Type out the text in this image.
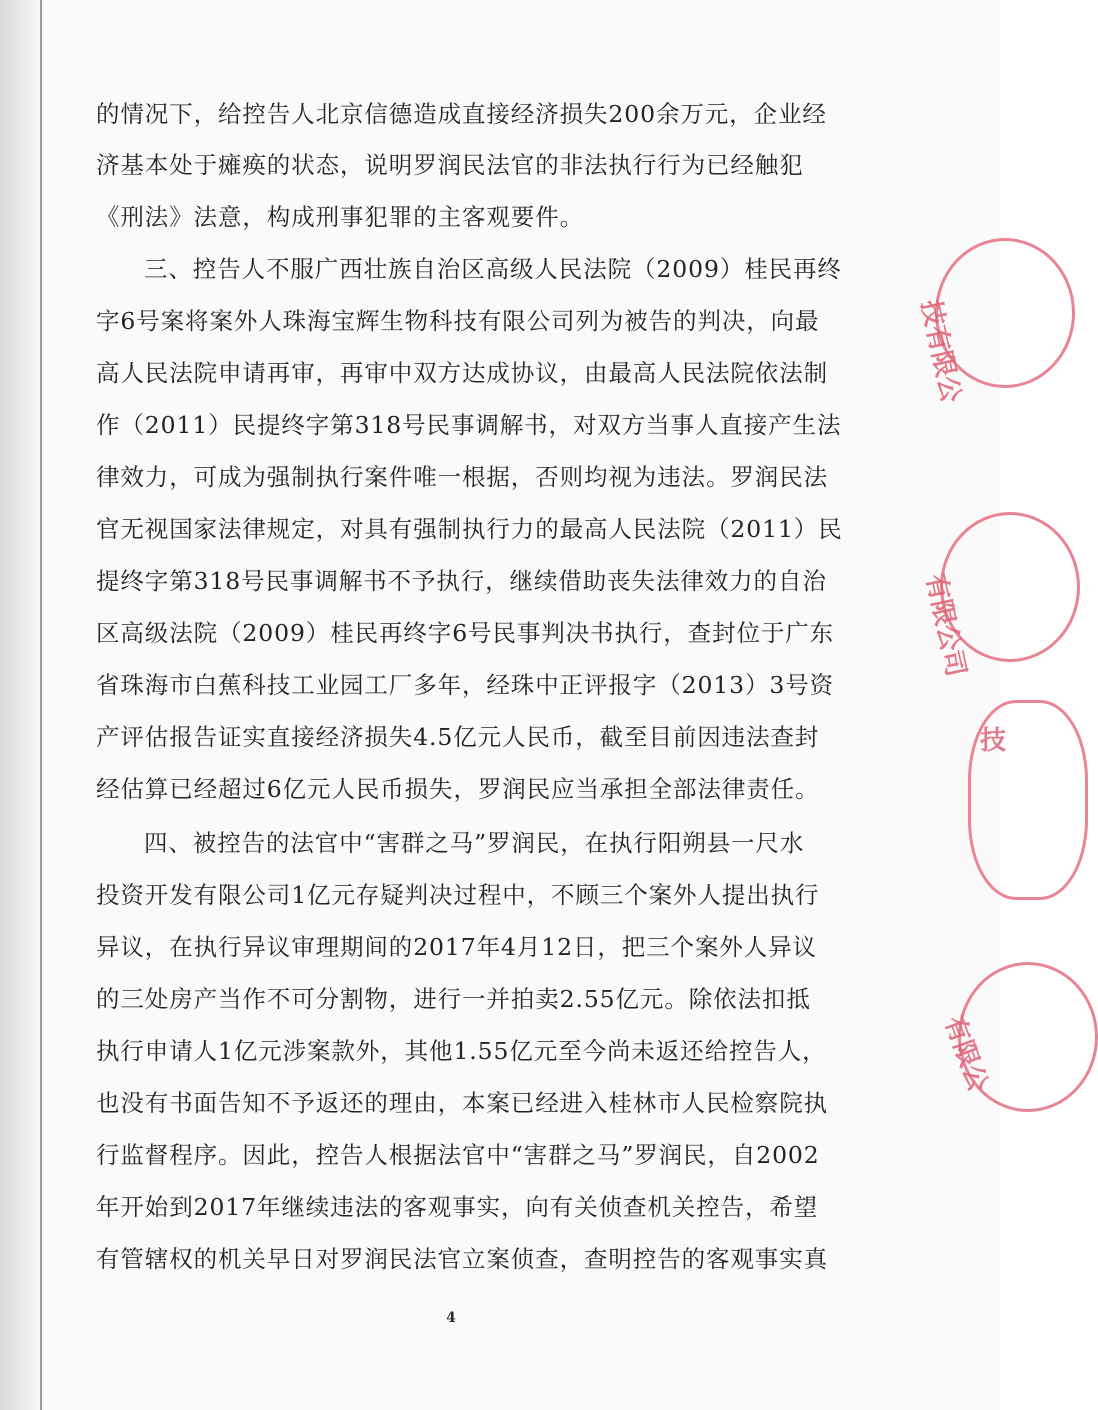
的情况下，给控告人北京信德造成直接经济损失200余万元，企业经
济基本处于瘫痪的状态，说明罗润民法官的非法执行行为已经触犯
《刑法》法意，构成刑事犯罪的主客观要件。
三、控告人不服广西壮族自治区高级人民法院（2009）桂民再终
字6号案将案外人珠海宝辉生物科技有限公司列为被告的判决，向最
高人民法院申请再审，再审中双方达成协议，由最高人民法院依法制
作（2011）民提终字第318号民事调解书，对双方当事人直接产生法
律效力，可成为强制执行案件唯一根据，否则均视为违法。罗润民法
官无视国家法律规定，对具有强制执行力的最高人民法院（2011）民
提终字第318号民事调解书不予执行，继续借助丧失法律效力的自治
区高级法院（2009）桂民再终字6号民事判决书执行，查封位于广东
省珠海市白蕉科技工业园工厂多年，经珠中正评报字（2013）3号资
产评估报告证实直接经济损失4.5亿元人民币，截至目前因违法查封
经估算已经超过6亿元人民币损失，罗润民应当承担全部法律责任。
四、被控告的法官中“害群之马”罗润民，在执行阳朔县一尺水
投资开发有限公司1亿元存疑判决过程中，不顾三个案外人提出执行
异议，在执行异议审理期间的2017年4月12日，把三个案外人异议
的三处房产当作不可分割物，进行一并拍卖2.55亿元。除依法扣抵
执行申请人1亿元涉案款外，其他1.55亿元至今尚未返还给控告人，
也没有书面告知不予返还的理由，本案已经进入桂林市人民检察院执
行监督程序。因此，控告人根据法官中“害群之马”罗润民，自2002
年开始到2017年继续违法的客观事实，向有关侦查机关控告，希望
有管辖权的机关早日对罗润民法官立案侦查，查明控告的客观事实真
4
技有限公
有限公司
技
有限公
